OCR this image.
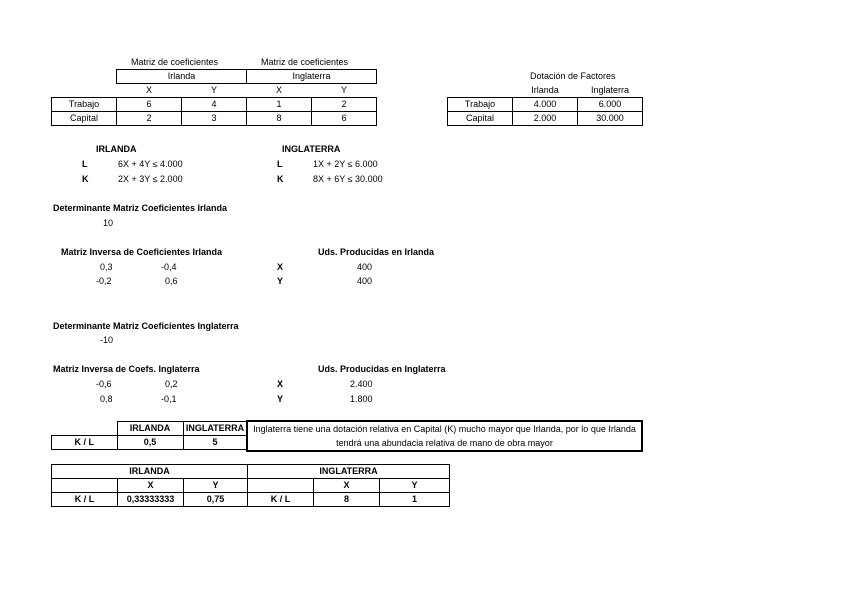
Matriz de coeficientes	Matriz de coeficientes
Irlanda	Inglaterra
	X	Y	X	Y
Trabajo	6	4	1	2
Capital	2	3	8	6
Dotación de Factores
	Irlanda	Inglaterra
Trabajo	4.000	6.000
Capital	2.000	30.000
IRLANDA
L	6X + 4Y ≤ 4.000
K	2X + 3Y ≤ 2.000
INGLATERRA
L	1X + 2Y ≤ 6.000
K	8X + 6Y ≤ 30.000
Determinante Matriz Coeficientes Irlanda
10
Matriz Inversa de Coeficientes Irlanda
0,3	-0,4
-0,2	0,6
Uds. Producidas en Irlanda
X	400
Y	400
Determinante Matriz Coeficientes Inglaterra
-10
Matriz Inversa de Coefs. Inglaterra
-0,6	0,2
0,8	-0,1
Uds. Producidas en Inglaterra
X	2.400
Y	1.800
	IRLANDA	INGLATERRA
K / L	0,5	5
Inglaterra tiene una dotación relativa en Capital (K) mucho mayor que Irlanda, por lo que Irlanda tendrá una abundacia relativa de mano de obra mayor
IRLANDA			INGLATERRA		
	X	Y		X	Y
K / L	0,33333333	0,75	K / L	8	1
